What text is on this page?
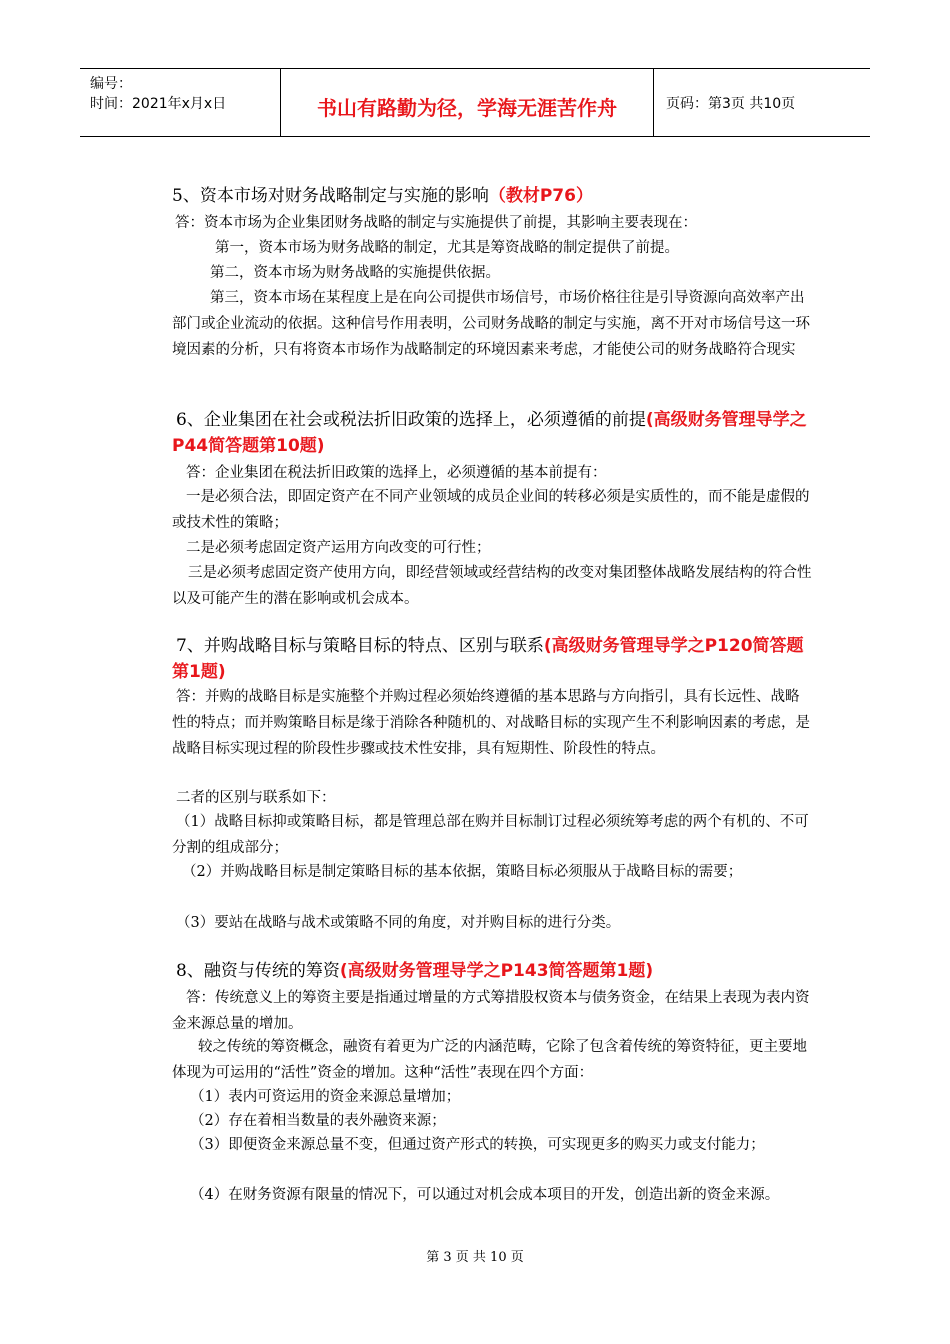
编号：
时间：2021年x月x日	书山有路勤为径，学海无涯苦作舟	页码：第3页 共10页
5、资本市场对财务战略制定与实施的影响（教材P76）
答：资本市场为企业集团财务战略的制定与实施提供了前提，其影响主要表现在：
第一，资本市场为财务战略的制定，尤其是筹资战略的制定提供了前提。
第二，资本市场为财务战略的实施提供依据。
第三，资本市场在某程度上是在向公司提供市场信号，市场价格往往是引导资源向高效率产出部门或企业流动的依据。这种信号作用表明，公司财务战略的制定与实施，离不开对市场信号这一环境因素的分析，只有将资本市场作为战略制定的环境因素来考虑，才能使公司的财务战略符合现实
6、企业集团在社会或税法折旧政策的选择上，必须遵循的前提(高级财务管理导学之P44简答题第10题)
答：企业集团在税法折旧政策的选择上，必须遵循的基本前提有：
一是必须合法，即固定资产在不同产业领域的成员企业间的转移必须是实质性的，而不能是虚假的或技术性的策略；
二是必须考虑固定资产运用方向改变的可行性；
三是必须考虑固定资产使用方向，即经营领域或经营结构的改变对集团整体战略发展结构的符合性以及可能产生的潜在影响或机会成本。
7、并购战略目标与策略目标的特点、区别与联系(高级财务管理导学之P120简答题第1题)
答：并购的战略目标是实施整个并购过程必须始终遵循的基本思路与方向指引，具有长远性、战略性的特点；而并购策略目标是缘于消除各种随机的、对战略目标的实现产生不利影响因素的考虑，是战略目标实现过程的阶段性步骤或技术性安排，具有短期性、阶段性的特点。
二者的区别与联系如下：
（1）战略目标抑或策略目标，都是管理总部在购并目标制订过程必须统筹考虑的两个有机的、不可分割的组成部分；
（2）并购战略目标是制定策略目标的基本依据，策略目标必须服从于战略目标的需要；
（3）要站在战略与战术或策略不同的角度，对并购目标的进行分类。
8、融资与传统的筹资(高级财务管理导学之P143简答题第1题)
答：传统意义上的筹资主要是指通过增量的方式筹措股权资本与债务资金，在结果上表现为表内资金来源总量的增加。
较之传统的筹资概念，融资有着更为广泛的内涵范畴，它除了包含着传统的筹资特征，更主要地体现为可运用的“活性”资金的增加。这种“活性”表现在四个方面：
（1）表内可资运用的资金来源总量增加；
（2）存在着相当数量的表外融资来源；
（3）即便资金来源总量不变，但通过资产形式的转换，可实现更多的购买力或支付能力；
（4）在财务资源有限量的情况下，可以通过对机会成本项目的开发，创造出新的资金来源。
第 3 页 共 10 页
